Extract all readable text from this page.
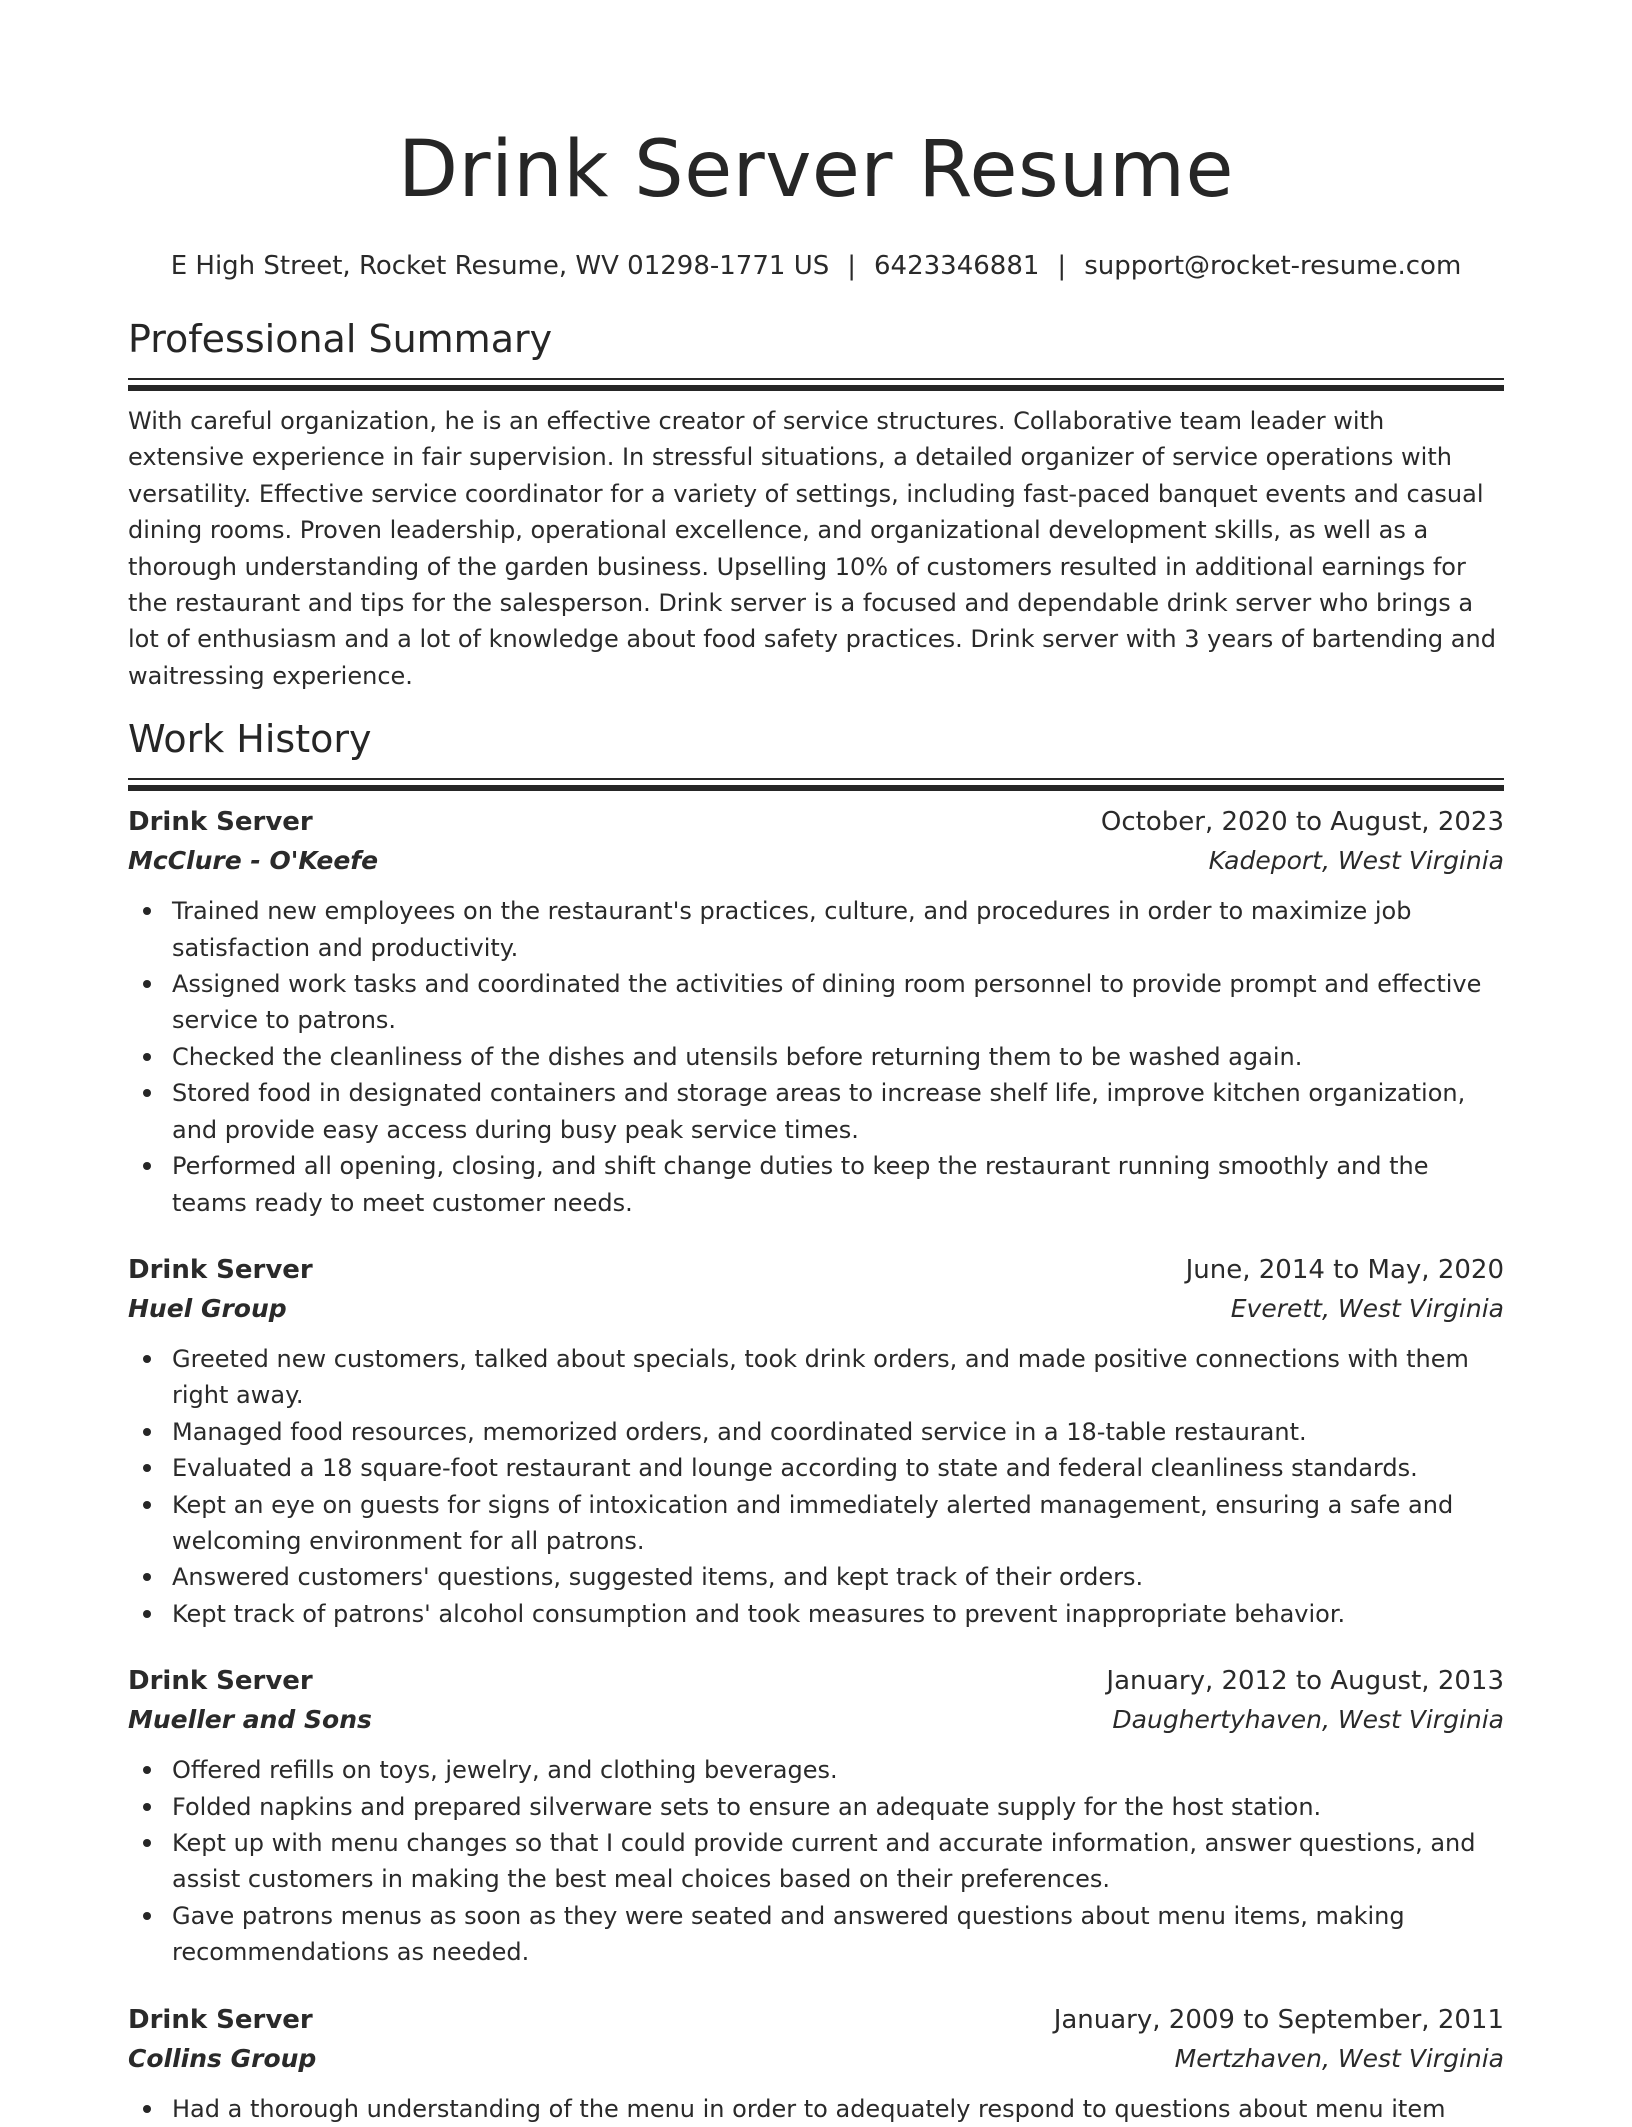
Drink Server Resume
E High Street, Rocket Resume, WV 01298-1771 US | 6423346881 | support@rocket-resume.com
Professional Summary
With careful organization, he is an effective creator of service structures. Collaborative team leader with extensive experience in fair supervision. In stressful situations, a detailed organizer of service operations with versatility. Effective service coordinator for a variety of settings, including fast-paced banquet events and casual dining rooms. Proven leadership, operational excellence, and organizational development skills, as well as a thorough understanding of the garden business. Upselling 10% of customers resulted in additional earnings for the restaurant and tips for the salesperson. Drink server is a focused and dependable drink server who brings a lot of enthusiasm and a lot of knowledge about food safety practices. Drink server with 3 years of bartending and waitressing experience.
Work History
Drink Server	October, 2020 to August, 2023
McClure - O'Keefe	Kadeport, West Virginia
Trained new employees on the restaurant's practices, culture, and procedures in order to maximize job satisfaction and productivity.
Assigned work tasks and coordinated the activities of dining room personnel to provide prompt and effective service to patrons.
Checked the cleanliness of the dishes and utensils before returning them to be washed again.
Stored food in designated containers and storage areas to increase shelf life, improve kitchen organization, and provide easy access during busy peak service times.
Performed all opening, closing, and shift change duties to keep the restaurant running smoothly and the teams ready to meet customer needs.
Drink Server	June, 2014 to May, 2020
Huel Group	Everett, West Virginia
Greeted new customers, talked about specials, took drink orders, and made positive connections with them right away.
Managed food resources, memorized orders, and coordinated service in a 18-table restaurant.
Evaluated a 18 square-foot restaurant and lounge according to state and federal cleanliness standards.
Kept an eye on guests for signs of intoxication and immediately alerted management, ensuring a safe and welcoming environment for all patrons.
Answered customers' questions, suggested items, and kept track of their orders.
Kept track of patrons' alcohol consumption and took measures to prevent inappropriate behavior.
Drink Server	January, 2012 to August, 2013
Mueller and Sons	Daughertyhaven, West Virginia
Offered refills on toys, jewelry, and clothing beverages.
Folded napkins and prepared silverware sets to ensure an adequate supply for the host station.
Kept up with menu changes so that I could provide current and accurate information, answer questions, and assist customers in making the best meal choices based on their preferences.
Gave patrons menus as soon as they were seated and answered questions about menu items, making recommendations as needed.
Drink Server	January, 2009 to September, 2011
Collins Group	Mertzhaven, West Virginia
Had a thorough understanding of the menu in order to adequately respond to questions about menu item
